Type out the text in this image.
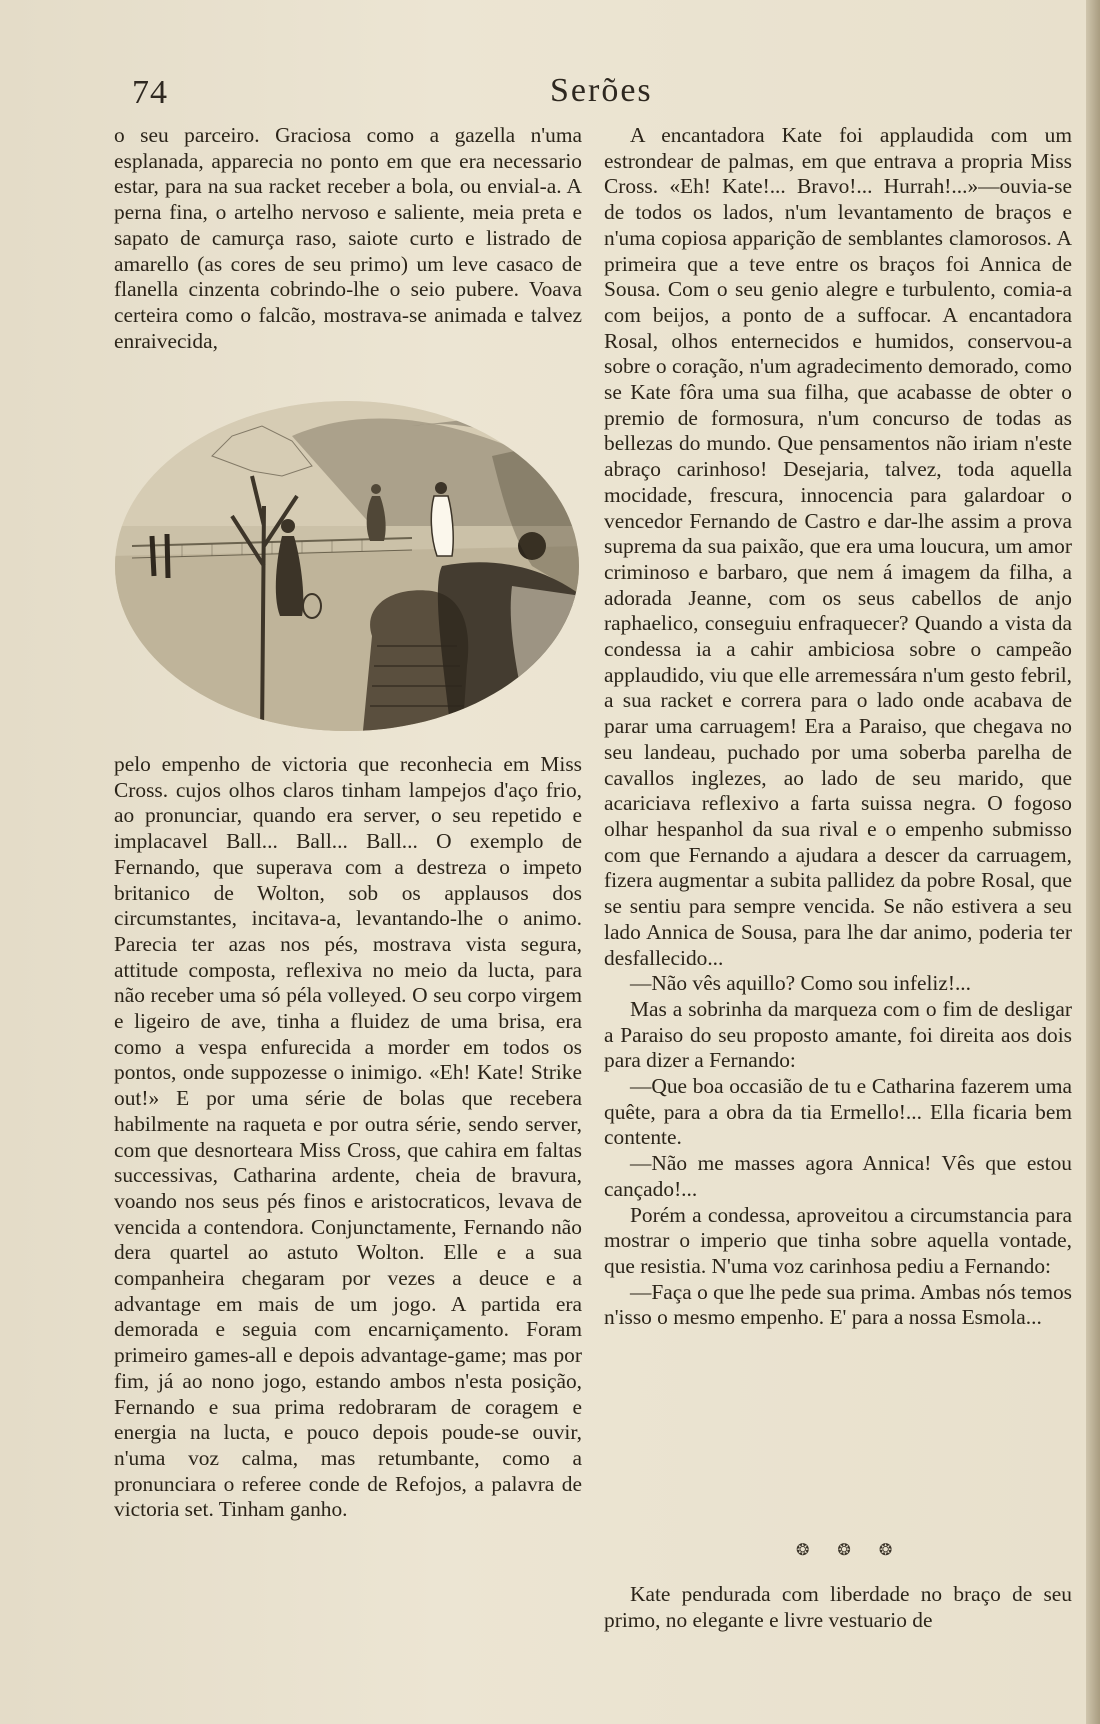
74	Serões

o seu parceiro. Graciosa como a gazella n'uma esplanada, apparecia no ponto em que era necessario estar, para na sua racket receber a bola, ou envial-a. A perna fina, o artelho nervoso e saliente, meia preta e sapato de camurça raso, saiote curto e listrado de amarello (as cores de seu primo) um leve casaco de flanella cinzenta cobrindo-lhe o seio pubere. Voava certeira como o falcão, mostrava-se animada e talvez enraivecida,

pelo empenho de victoria que reconhecia em Miss Cross. cujos olhos claros tinham lampejos d'aço frio, ao pronunciar, quando era server, o seu repetido e implacavel Ball... Ball... Ball... O exemplo de Fernando, que superava com a destreza o impeto britanico de Wolton, sob os applausos dos circumstantes, incitava-a, levantando-lhe o animo. Parecia ter azas nos pés, mostrava vista segura, attitude composta, reflexiva no meio da lucta, para não receber uma só péla volleyed. O seu corpo virgem e ligeiro de ave, tinha a fluidez de uma brisa, era como a vespa enfurecida a morder em todos os pontos, onde suppozesse o inimigo. «Eh! Kate! Strike out!» E por uma série de bolas que recebera habilmente na raqueta e por outra série, sendo server, com que desnorteara Miss Cross, que cahira em faltas successivas, Catharina ardente, cheia de bravura, voando nos seus pés finos e aristocraticos, levava de vencida a contendora. Conjunctamente, Fernando não dera quartel ao astuto Wolton. Elle e a sua companheira chegaram por vezes a deuce e a advantage em mais de um jogo. A partida era demorada e seguia com encarniçamento. Foram primeiro games-all e depois advantage-game; mas por fim, já ao nono jogo, estando ambos n'esta posição, Fernando e sua prima redobraram de coragem e energia na lucta, e pouco depois poude-se ouvir, n'uma voz calma, mas retumbante, como a pronunciara o referee conde de Refojos, a palavra de victoria set. Tinham ganho.

A encantadora Kate foi applaudida com um estrondear de palmas, em que entrava a propria Miss Cross. «Eh! Kate!... Bravo!... Hurrah!...»—ouvia-se de todos os lados, n'um levantamento de braços e n'uma copiosa apparição de semblantes clamorosos. A primeira que a teve entre os braços foi Annica de Sousa. Com o seu genio alegre e turbulento, comia-a com beijos, a ponto de a suffocar. A encantadora Rosal, olhos enternecidos e humidos, conservou-a sobre o coração, n'um agradecimento demorado, como se Kate fôra uma sua filha, que acabasse de obter o premio de formosura, n'um concurso de todas as bellezas do mundo. Que pensamentos não iriam n'este abraço carinhoso! Desejaria, talvez, toda aquella mocidade, frescura, innocencia para galardoar o vencedor Fernando de Castro e dar-lhe assim a prova suprema da sua paixão, que era uma loucura, um amor criminoso e barbaro, que nem á imagem da filha, a adorada Jeanne, com os seus cabellos de anjo raphaelico, conseguiu enfraquecer? Quando a vista da condessa ia a cahir ambiciosa sobre o campeão applaudido, viu que elle arremessára n'um gesto febril, a sua racket e correra para o lado onde acabava de parar uma carruagem! Era a Paraiso, que chegava no seu landeau, puchado por uma soberba parelha de cavallos inglezes, ao lado de seu marido, que acariciava reflexivo a farta suissa negra. O fogoso olhar hespanhol da sua rival e o empenho submisso com que Fernando a ajudara a descer da carruagem, fizera augmentar a subita pallidez da pobre Rosal, que se sentiu para sempre vencida. Se não estivera a seu lado Annica de Sousa, para lhe dar animo, poderia ter desfallecido...

—Não vês aquillo? Como sou infeliz!...

Mas a sobrinha da marqueza com o fim de desligar a Paraiso do seu proposto amante, foi direita aos dois para dizer a Fernando:

—Que boa occasião de tu e Catharina fazerem uma quête, para a obra da tia Ermello!... Ella ficaria bem contente.

—Não me masses agora Annica! Vês que estou cançado!...

Porém a condessa, aproveitou a circumstancia para mostrar o imperio que tinha sobre aquella vontade, que resistia. N'uma voz carinhosa pediu a Fernando:

—Faça o que lhe pede sua prima. Ambas nós temos n'isso o mesmo empenho. E' para a nossa Esmola...

❂ ❂ ❂

Kate pendurada com liberdade no braço de seu primo, no elegante e livre vestuario de
